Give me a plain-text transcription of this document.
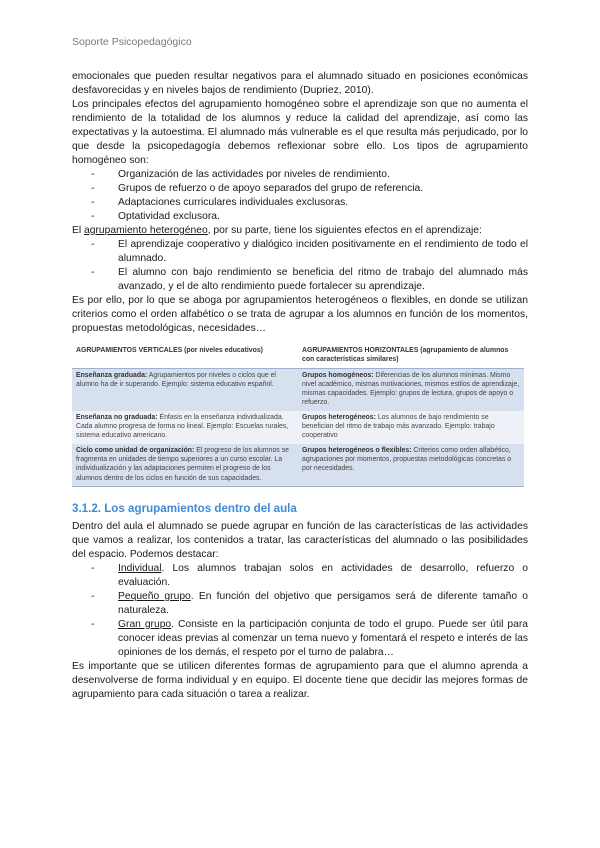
Soporte Psicopedagógico

emocionales que pueden resultar negativos para el alumnado situado en posiciones económicas desfavorecidas y en niveles bajos de rendimiento (Dupriez, 2010).

Los principales efectos del agrupamiento homogéneo sobre el aprendizaje son que no aumenta el rendimiento de la totalidad de los alumnos y reduce la calidad del aprendizaje, así como las expectativas y la autoestima. El alumnado más vulnerable es el que resulta más perjudicado, por lo que desde la psicopedagogía debemos reflexionar sobre ello. Los tipos de agrupamiento homogéneo son:

- Organización de las actividades por niveles de rendimiento.
- Grupos de refuerzo o de apoyo separados del grupo de referencia.
- Adaptaciones curriculares individuales exclusoras.
- Optatividad exclusora.

El agrupamiento heterogéneo, por su parte, tiene los siguientes efectos en el aprendizaje:

- El aprendizaje cooperativo y dialógico inciden positivamente en el rendimiento de todo el alumnado.
- El alumno con bajo rendimiento se beneficia del ritmo de trabajo del alumnado más avanzado, y el de alto rendimiento puede fortalecer su aprendizaje.

Es por ello, por lo que se aboga por agrupamientos heterogéneos o flexibles, en donde se utilizan criterios como el orden alfabético o se trata de agrupar a los alumnos en función de los momentos, propuestas metodológicas, necesidades…

AGRUPAMIENTOS VERTICALES (por niveles educativos)	AGRUPAMIENTOS HORIZONTALES (agrupamiento de alumnos con características similares)
Enseñanza graduada: Agrupamientos por niveles o ciclos que el alumno ha de ir superando. Ejemplo: sistema educativo español.	Grupos homogéneos: Diferencias de los alumnos mínimas. Mismo nivel académico, mismas motivaciones, mismos estilos de aprendizaje, mismas capacidades. Ejemplo: grupos de lectura, grupos de apoyo o refuerzo.
Enseñanza no graduada: Énfasis en la enseñanza individualizada. Cada alumno progresa de forma no lineal. Ejemplo: Escuelas rurales, sistema educativo americano.	Grupos heterogéneos: Los alumnos de bajo rendimiento se benefician del ritmo de trabajo más avanzado. Ejemplo: trabajo cooperativo
Ciclo como unidad de organización: El progreso de los alumnos se fragmenta en unidades de tiempo superiores a un curso escolar. La individualización y las adaptaciones permiten el progreso de los alumnos dentro de los ciclos en función de sus capacidades.	Grupos heterogéneos o flexibles: Criterios como orden alfabético, agrupaciones por momentos, propuestas metodológicas concretas o por necesidades.
3.1.2. Los agrupamientos dentro del aula

Dentro del aula el alumnado se puede agrupar en función de las características de las actividades que vamos a realizar, los contenidos a tratar, las características del alumnado o las posibilidades del espacio. Podemos destacar:

- Individual. Los alumnos trabajan solos en actividades de desarrollo, refuerzo o evaluación.
- Pequeño grupo. En función del objetivo que persigamos será de diferente tamaño o naturaleza.
- Gran grupo. Consiste en la participación conjunta de todo el grupo. Puede ser útil para conocer ideas previas al comenzar un tema nuevo y fomentará el respeto e interés de las opiniones de los demás, el respeto por el turno de palabra…

Es importante que se utilicen diferentes formas de agrupamiento para que el alumno aprenda a desenvolverse de forma individual y en equipo. El docente tiene que decidir las mejores formas de agrupamiento para cada situación o tarea a realizar.
